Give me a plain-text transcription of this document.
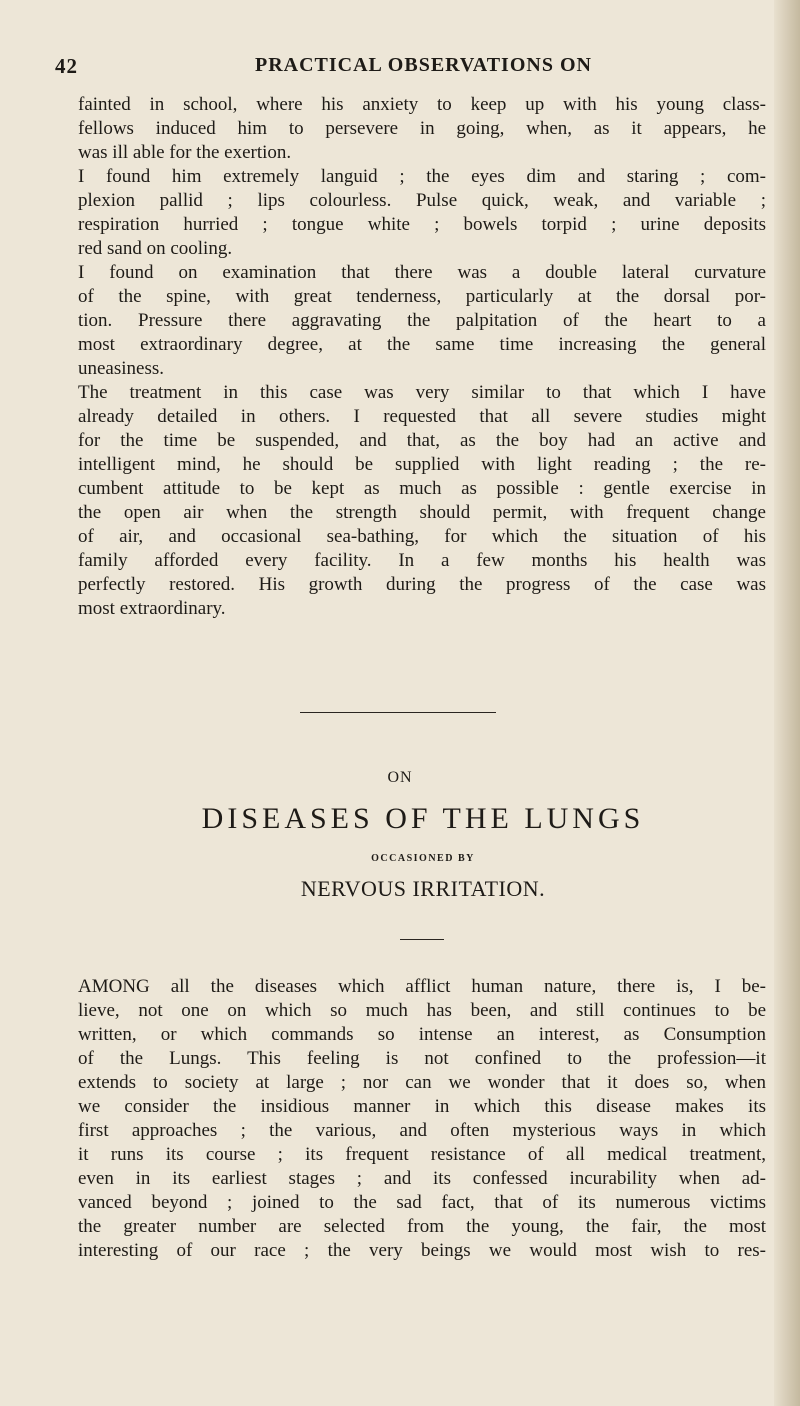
42	PRACTICAL OBSERVATIONS ON
fainted in school, where his anxiety to keep up with his young class-
fellows induced him to persevere in going, when, as it appears, he
was ill able for the exertion.
I found him extremely languid ; the eyes dim and staring ; com-
plexion pallid ; lips colourless. Pulse quick, weak, and variable ;
respiration hurried ; tongue white ; bowels torpid ; urine deposits
red sand on cooling.
I found on examination that there was a double lateral curvature
of the spine, with great tenderness, particularly at the dorsal por-
tion. Pressure there aggravating the palpitation of the heart to a
most extraordinary degree, at the same time increasing the general
uneasiness.
The treatment in this case was very similar to that which I have
already detailed in others. I requested that all severe studies might
for the time be suspended, and that, as the boy had an active and
intelligent mind, he should be supplied with light reading ; the re-
cumbent attitude to be kept as much as possible : gentle exercise in
the open air when the strength should permit, with frequent change
of air, and occasional sea-bathing, for which the situation of his
family afforded every facility. In a few months his health was
perfectly restored. His growth during the progress of the case was
most extraordinary.
ON
DISEASES OF THE LUNGS
OCCASIONED BY
NERVOUS IRRITATION.
AMONG all the diseases which afflict human nature, there is, I be-
lieve, not one on which so much has been, and still continues to be
written, or which commands so intense an interest, as Consumption
of the Lungs. This feeling is not confined to the profession—it
extends to society at large ; nor can we wonder that it does so, when
we consider the insidious manner in which this disease makes its
first approaches ; the various, and often mysterious ways in which
it runs its course ; its frequent resistance of all medical treatment,
even in its earliest stages ; and its confessed incurability when ad-
vanced beyond ; joined to the sad fact, that of its numerous victims
the greater number are selected from the young, the fair, the most
interesting of our race ; the very beings we would most wish to res-
